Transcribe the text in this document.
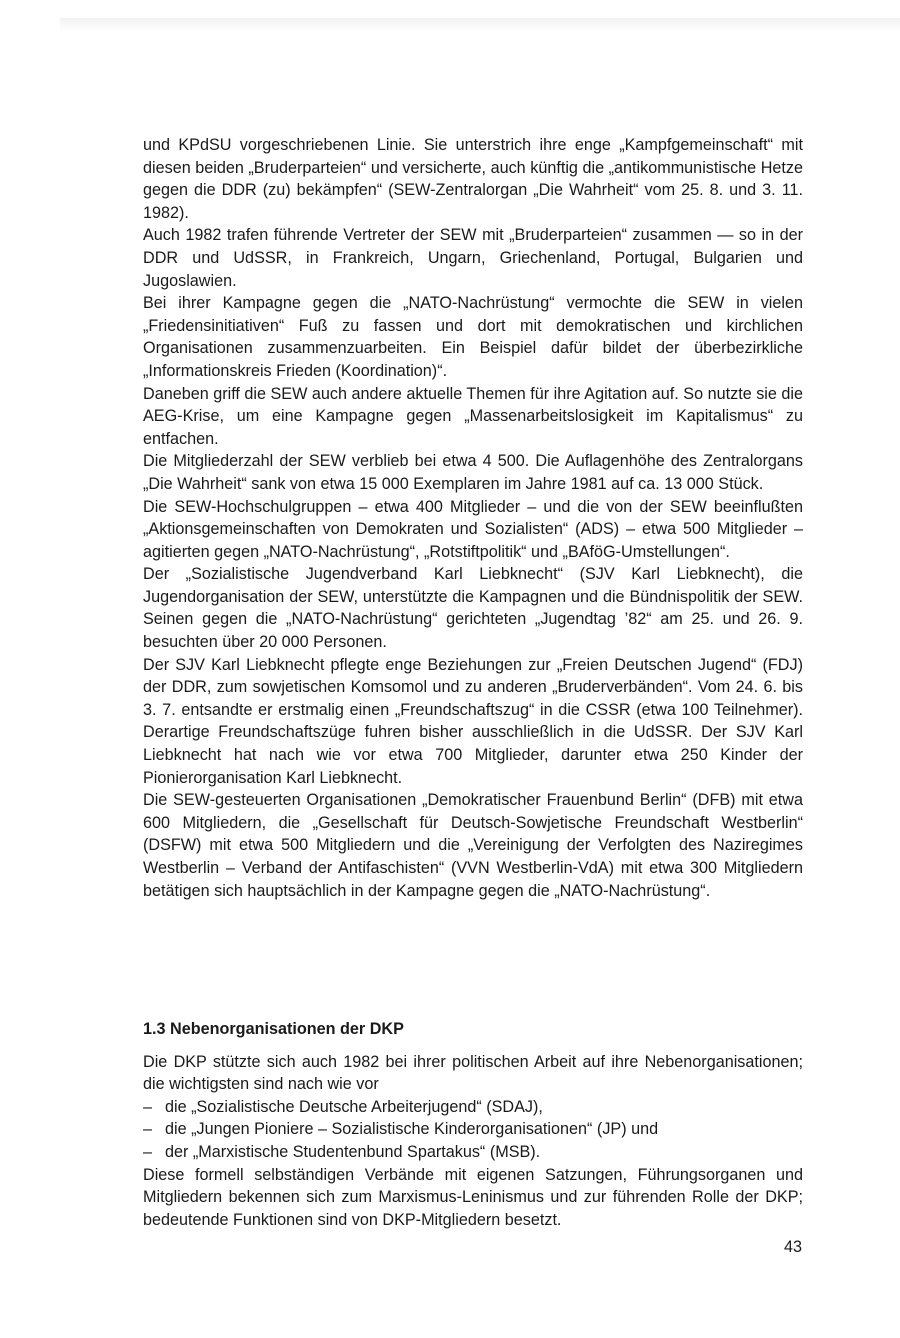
und KPdSU vorgeschriebenen Linie. Sie unterstrich ihre enge „Kampfgemeinschaft“ mit diesen beiden „Bruderparteien“ und versicherte, auch künftig die „antikommunistische Hetze gegen die DDR (zu) bekämpfen“ (SEW-Zentralorgan „Die Wahrheit“ vom 25. 8. und 3. 11. 1982).

Auch 1982 trafen führende Vertreter der SEW mit „Bruderparteien“ zusammen — so in der DDR und UdSSR, in Frankreich, Ungarn, Griechenland, Portugal, Bulgarien und Jugoslawien.

Bei ihrer Kampagne gegen die „NATO-Nachrüstung“ vermochte die SEW in vielen „Friedensinitiativen“ Fuß zu fassen und dort mit demokratischen und kirchlichen Organisationen zusammenzuarbeiten. Ein Beispiel dafür bildet der überbezirkliche „Informationskreis Frieden (Koordination)“.

Daneben griff die SEW auch andere aktuelle Themen für ihre Agitation auf. So nutzte sie die AEG-Krise, um eine Kampagne gegen „Massenarbeitslosigkeit im Kapitalismus“ zu entfachen.

Die Mitgliederzahl der SEW verblieb bei etwa 4 500. Die Auflagenhöhe des Zentralorgans „Die Wahrheit“ sank von etwa 15 000 Exemplaren im Jahre 1981 auf ca. 13 000 Stück.

Die SEW-Hochschulgruppen – etwa 400 Mitglieder – und die von der SEW beeinflußten „Aktionsgemeinschaften von Demokraten und Sozialisten“ (ADS) – etwa 500 Mitglieder – agitierten gegen „NATO-Nachrüstung“, „Rotstiftpolitik“ und „BAföG-Umstellungen“.

Der „Sozialistische Jugendverband Karl Liebknecht“ (SJV Karl Liebknecht), die Jugendorganisation der SEW, unterstützte die Kampagnen und die Bündnispolitik der SEW. Seinen gegen die „NATO-Nachrüstung“ gerichteten „Jugendtag ’82“ am 25. und 26. 9. besuchten über 20 000 Personen.

Der SJV Karl Liebknecht pflegte enge Beziehungen zur „Freien Deutschen Jugend“ (FDJ) der DDR, zum sowjetischen Komsomol und zu anderen „Bruderverbänden“. Vom 24. 6. bis 3. 7. entsandte er erstmalig einen „Freundschaftszug“ in die CSSR (etwa 100 Teilnehmer). Derartige Freundschaftszüge fuhren bisher ausschließlich in die UdSSR. Der SJV Karl Liebknecht hat nach wie vor etwa 700 Mitglieder, darunter etwa 250 Kinder der Pionierorganisation Karl Liebknecht.

Die SEW-gesteuerten Organisationen „Demokratischer Frauenbund Berlin“ (DFB) mit etwa 600 Mitgliedern, die „Gesellschaft für Deutsch-Sowjetische Freundschaft Westberlin“ (DSFW) mit etwa 500 Mitgliedern und die „Vereinigung der Verfolgten des Naziregimes Westberlin – Verband der Antifaschisten“ (VVN Westberlin-VdA) mit etwa 300 Mitgliedern betätigen sich hauptsächlich in der Kampagne gegen die „NATO-Nachrüstung“.

1.3 Nebenorganisationen der DKP

Die DKP stützte sich auch 1982 bei ihrer politischen Arbeit auf ihre Nebenorganisationen; die wichtigsten sind nach wie vor

– die „Sozialistische Deutsche Arbeiterjugend“ (SDAJ),
– die „Jungen Pioniere – Sozialistische Kinderorganisationen“ (JP) und
– der „Marxistische Studentenbund Spartakus“ (MSB).

Diese formell selbständigen Verbände mit eigenen Satzungen, Führungsorganen und Mitgliedern bekennen sich zum Marxismus-Leninismus und zur führenden Rolle der DKP; bedeutende Funktionen sind von DKP-Mitgliedern besetzt.

43
